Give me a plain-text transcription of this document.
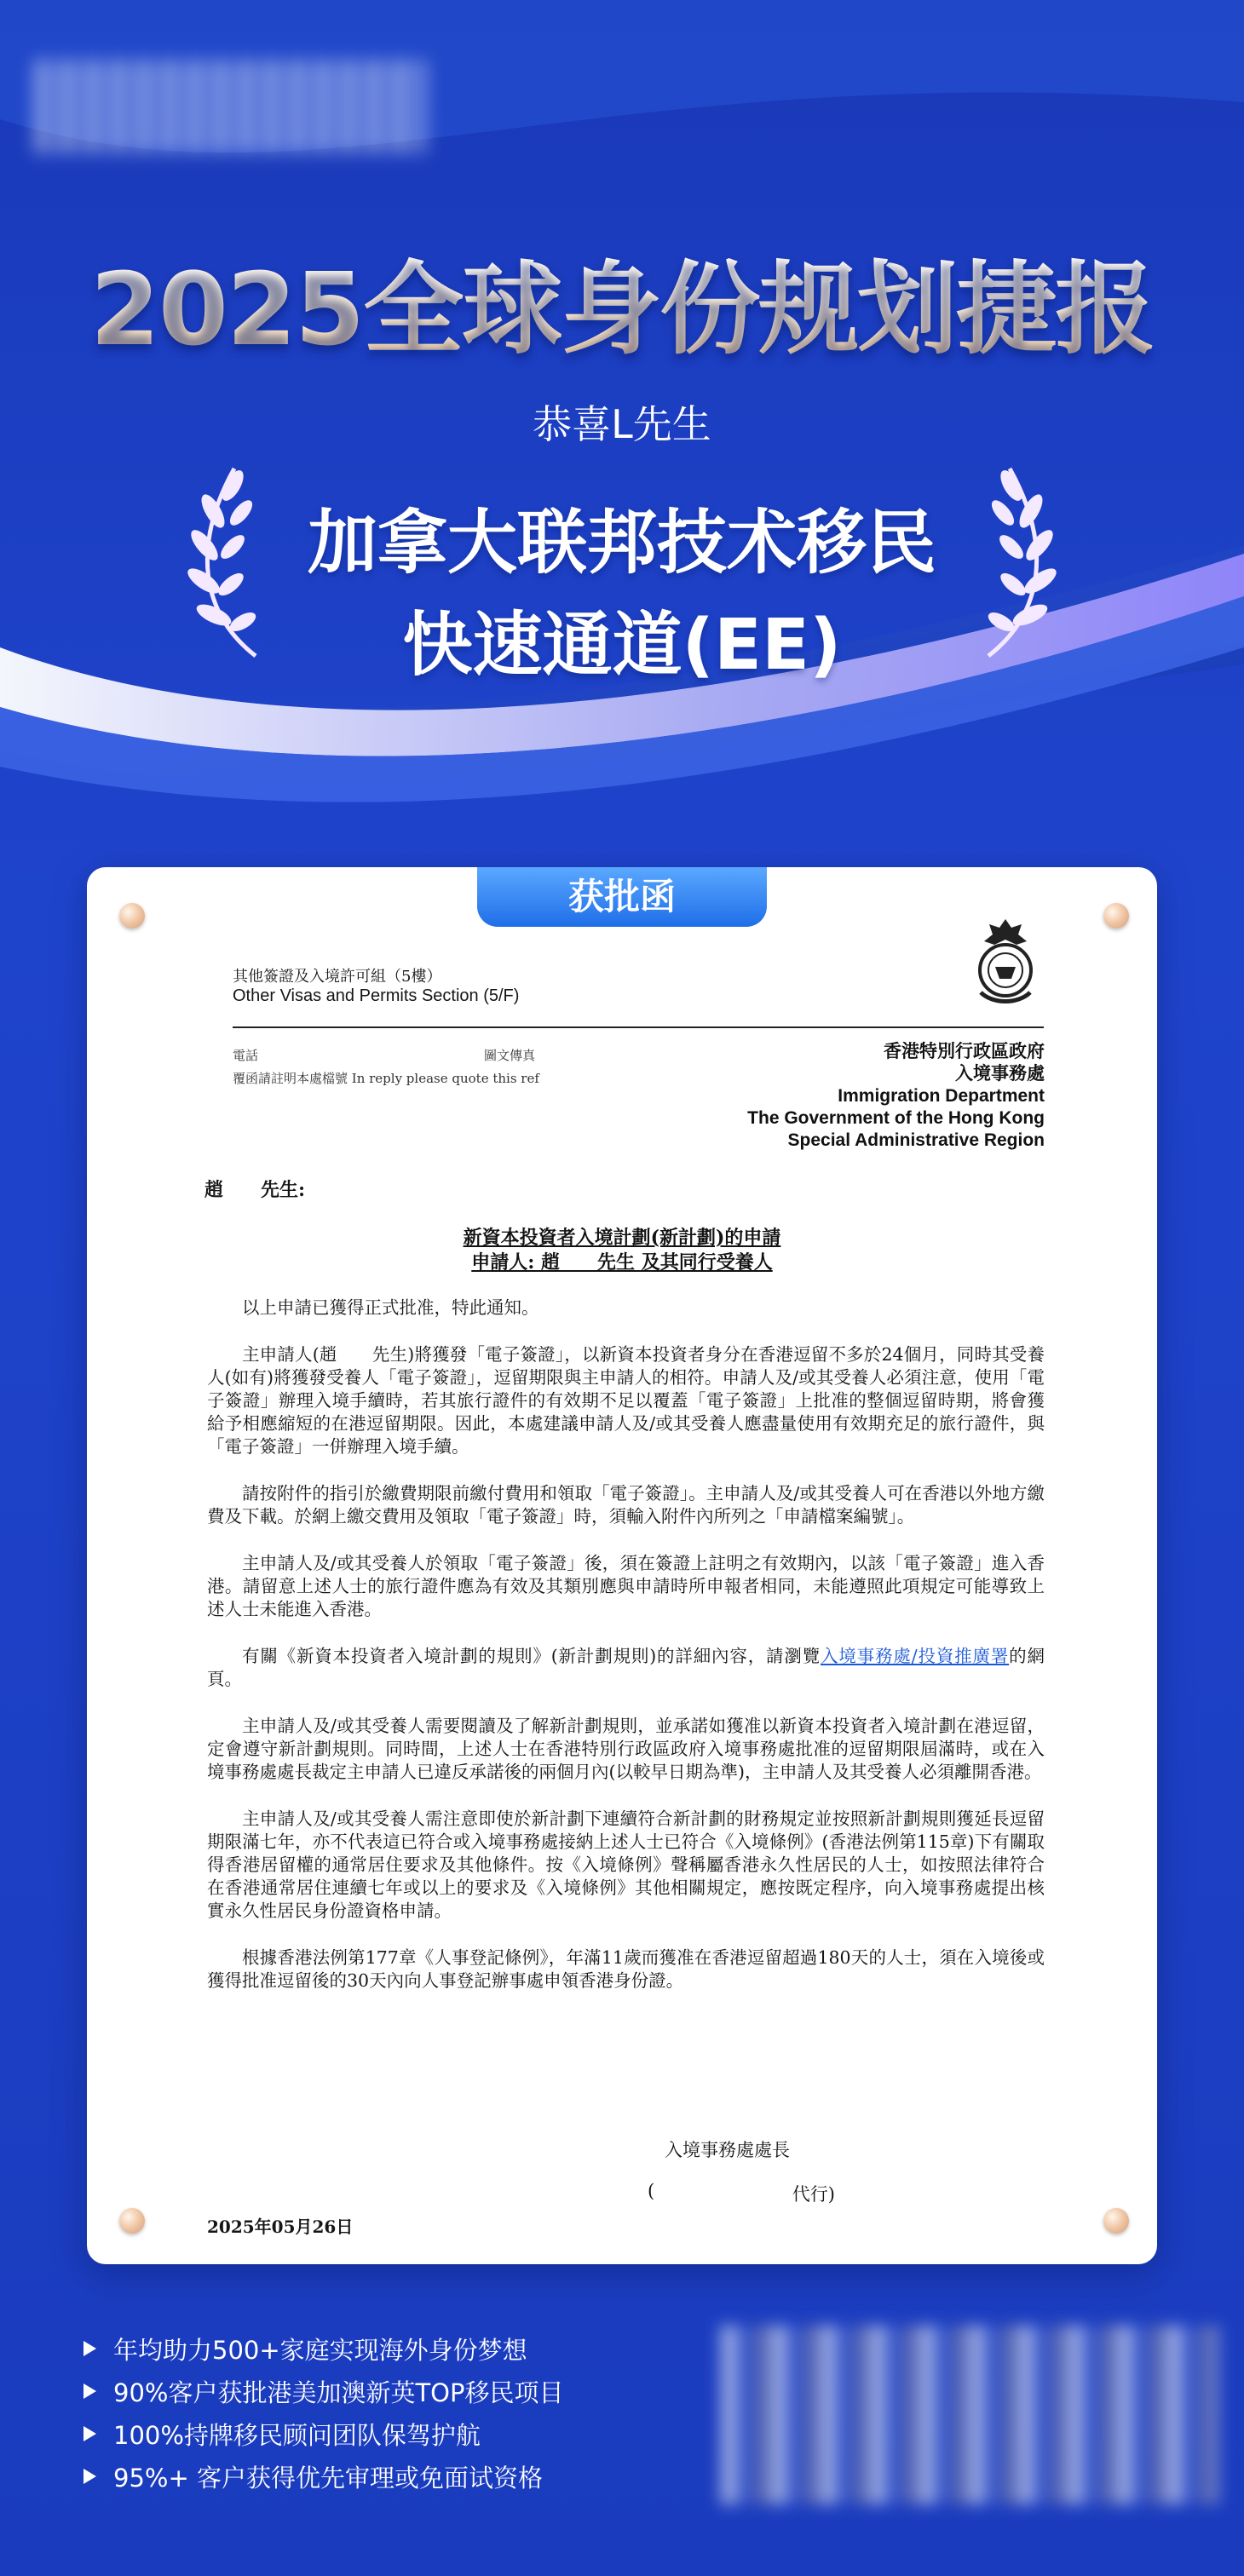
2025全球身份规划捷报
恭喜L先生
加拿大联邦技术移民
快速通道(EE)
获批函
其他簽證及入境許可組（5樓）
Other Visas and Permits Section (5/F)
電話	圖文傳真
覆函請註明本處檔號 In reply please quote this ref
香港特別行政區政府
入境事務處
Immigration Department
The Government of the Hong Kong
Special Administrative Region
趙　　先生:
新資本投資者入境計劃(新計劃)的申請
申請人: 趙　　先生 及其同行受養人

以上申請已獲得正式批准，特此通知。

主申請人(趙　　先生)將獲發「電子簽證」，以新資本投資者身分在香港逗留不多於24個月，同時其受養人(如有)將獲發受養人「電子簽證」，逗留期限與主申請人的相符。申請人及/或其受養人必須注意，使用「電子簽證」辦理入境手續時，若其旅行證件的有效期不足以覆蓋「電子簽證」上批准的整個逗留時期，將會獲給予相應縮短的在港逗留期限。因此，本處建議申請人及/或其受養人應盡量使用有效期充足的旅行證件，與「電子簽證」一併辦理入境手續。

請按附件的指引於繳費期限前繳付費用和領取「電子簽證」。主申請人及/或其受養人可在香港以外地方繳費及下載。於網上繳交費用及領取「電子簽證」時，須輸入附件內所列之「申請檔案編號」。

主申請人及/或其受養人於領取「電子簽證」後，須在簽證上註明之有效期內，以該「電子簽證」進入香港。請留意上述人士的旅行證件應為有效及其類別應與申請時所申報者相同，未能遵照此項規定可能導致上述人士未能進入香港。

有關《新資本投資者入境計劃的規則》(新計劃規則)的詳細內容，請瀏覽入境事務處/投資推廣署的網頁。

主申請人及/或其受養人需要閱讀及了解新計劃規則，並承諾如獲准以新資本投資者入境計劃在港逗留，定會遵守新計劃規則。同時間，上述人士在香港特別行政區政府入境事務處批准的逗留期限屆滿時，或在入境事務處處長裁定主申請人已違反承諾後的兩個月內(以較早日期為準)，主申請人及其受養人必須離開香港。

主申請人及/或其受養人需注意即使於新計劃下連續符合新計劃的財務規定並按照新計劃規則獲延長逗留期限滿七年，亦不代表這已符合或入境事務處接納上述人士已符合《入境條例》(香港法例第115章)下有關取得香港居留權的通常居住要求及其他條件。按《入境條例》聲稱屬香港永久性居民的人士，如按照法律符合在香港通常居住連續七年或以上的要求及《入境條例》其他相關規定，應按既定程序，向入境事務處提出核實永久性居民身份證資格申請。

根據香港法例第177章《人事登記條例》，年滿11歲而獲准在香港逗留超過180天的人士，須在入境後或獲得批准逗留後的30天內向人事登記辦事處申領香港身份證。

入境事務處處長
(	代行)
2025年05月26日
年均助力500+家庭实现海外身份梦想
90%客户获批港美加澳新英TOP移民项目
100%持牌移民顾问团队保驾护航
95%+ 客户获得优先审理或免面试资格
